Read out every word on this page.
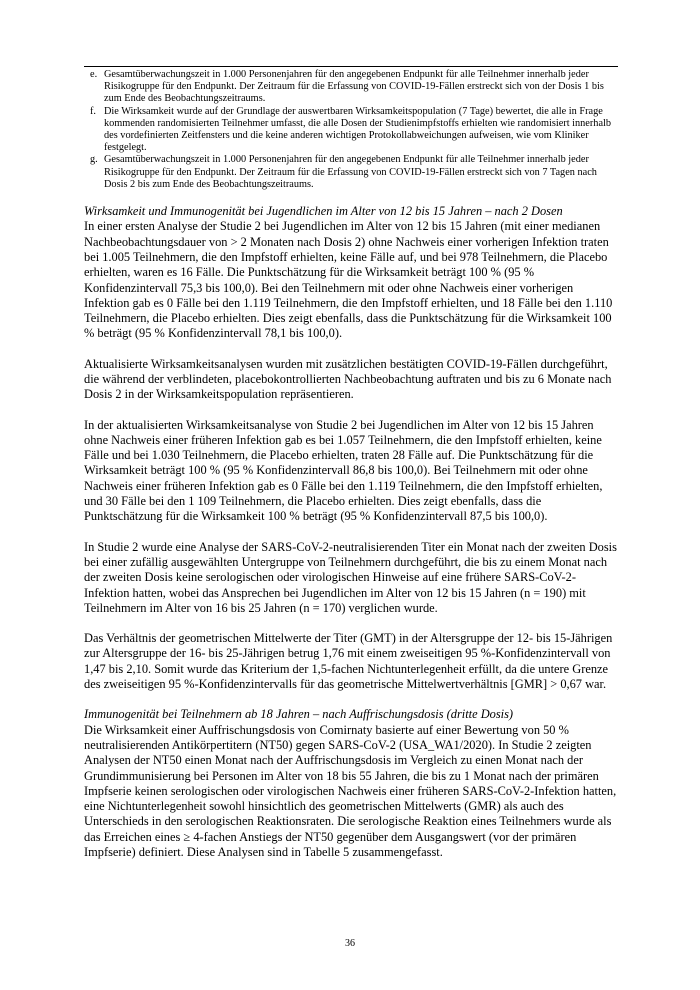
e. Gesamtüberwachungszeit in 1.000 Personenjahren für den angegebenen Endpunkt für alle Teilnehmer innerhalb jeder Risikogruppe für den Endpunkt. Der Zeitraum für die Erfassung von COVID-19-Fällen erstreckt sich von der Dosis 1 bis zum Ende des Beobachtungszeitraums.
f. Die Wirksamkeit wurde auf der Grundlage der auswertbaren Wirksamkeitspopulation (7 Tage) bewertet, die alle in Frage kommenden randomisierten Teilnehmer umfasst, die alle Dosen der Studienimpfstoffs erhielten wie randomisiert innerhalb des vordefinierten Zeitfensters und die keine anderen wichtigen Protokollabweichungen aufweisen, wie vom Kliniker festgelegt.
g. Gesamtüberwachungszeit in 1.000 Personenjahren für den angegebenen Endpunkt für alle Teilnehmer innerhalb jeder Risikogruppe für den Endpunkt. Der Zeitraum für die Erfassung von COVID-19-Fällen erstreckt sich von 7 Tagen nach Dosis 2 bis zum Ende des Beobachtungszeitraums.

Wirksamkeit und Immunogenität bei Jugendlichen im Alter von 12 bis 15 Jahren – nach 2 Dosen

In einer ersten Analyse der Studie 2 bei Jugendlichen im Alter von 12 bis 15 Jahren (mit einer medianen Nachbeobachtungsdauer von > 2 Monaten nach Dosis 2) ohne Nachweis einer vorherigen Infektion traten bei 1.005 Teilnehmern, die den Impfstoff erhielten, keine Fälle auf, und bei 978 Teilnehmern, die Placebo erhielten, waren es 16 Fälle. Die Punktschätzung für die Wirksamkeit beträgt 100 % (95 % Konfidenzintervall 75,3 bis 100,0). Bei den Teilnehmern mit oder ohne Nachweis einer vorherigen Infektion gab es 0 Fälle bei den 1.119 Teilnehmern, die den Impfstoff erhielten, und 18 Fälle bei den 1.110 Teilnehmern, die Placebo erhielten. Dies zeigt ebenfalls, dass die Punktschätzung für die Wirksamkeit 100 % beträgt (95 % Konfidenzintervall 78,1 bis 100,0).

Aktualisierte Wirksamkeitsanalysen wurden mit zusätzlichen bestätigten COVID-19-Fällen durchgeführt, die während der verblindeten, placebokontrollierten Nachbeobachtung auftraten und bis zu 6 Monate nach Dosis 2 in der Wirksamkeitspopulation repräsentieren.

In der aktualisierten Wirksamkeitsanalyse von Studie 2 bei Jugendlichen im Alter von 12 bis 15 Jahren ohne Nachweis einer früheren Infektion gab es bei 1.057 Teilnehmern, die den Impfstoff erhielten, keine Fälle und bei 1.030 Teilnehmern, die Placebo erhielten, traten 28 Fälle auf. Die Punktschätzung für die Wirksamkeit beträgt 100 % (95 % Konfidenzintervall 86,8 bis 100,0). Bei Teilnehmern mit oder ohne Nachweis einer früheren Infektion gab es 0 Fälle bei den 1.119 Teilnehmern, die den Impfstoff erhielten, und 30 Fälle bei den 1 109 Teilnehmern, die Placebo erhielten. Dies zeigt ebenfalls, dass die Punktschätzung für die Wirksamkeit 100 % beträgt (95 % Konfidenzintervall 87,5 bis 100,0).

In Studie 2 wurde eine Analyse der SARS-CoV-2-neutralisierenden Titer ein Monat nach der zweiten Dosis bei einer zufällig ausgewählten Untergruppe von Teilnehmern durchgeführt, die bis zu einem Monat nach der zweiten Dosis keine serologischen oder virologischen Hinweise auf eine frühere SARS-CoV-2-Infektion hatten, wobei das Ansprechen bei Jugendlichen im Alter von 12 bis 15 Jahren (n = 190) mit Teilnehmern im Alter von 16 bis 25 Jahren (n = 170) verglichen wurde.

Das Verhältnis der geometrischen Mittelwerte der Titer (GMT) in der Altersgruppe der 12- bis 15-Jährigen zur Altersgruppe der 16- bis 25-Jährigen betrug 1,76 mit einem zweiseitigen 95 %-Konfidenzintervall von 1,47 bis 2,10. Somit wurde das Kriterium der 1,5-fachen Nichtunterlegenheit erfüllt, da die untere Grenze des zweiseitigen 95 %-Konfidenzintervalls für das geometrische Mittelwertverhältnis [GMR] > 0,67 war.

Immunogenität bei Teilnehmern ab 18 Jahren – nach Auffrischungsdosis (dritte Dosis)

Die Wirksamkeit einer Auffrischungsdosis von Comirnaty basierte auf einer Bewertung von 50 % neutralisierenden Antikörpertitern (NT50) gegen SARS-CoV-2 (USA_WA1/2020). In Studie 2 zeigten Analysen der NT50 einen Monat nach der Auffrischungsdosis im Vergleich zu einen Monat nach der Grundimmunisierung bei Personen im Alter von 18 bis 55 Jahren, die bis zu 1 Monat nach der primären Impfserie keinen serologischen oder virologischen Nachweis einer früheren SARS-CoV-2-Infektion hatten, eine Nichtunterlegenheit sowohl hinsichtlich des geometrischen Mittelwerts (GMR) als auch des Unterschieds in den serologischen Reaktionsraten. Die serologische Reaktion eines Teilnehmers wurde als das Erreichen eines ≥ 4-fachen Anstiegs der NT50 gegenüber dem Ausgangswert (vor der primären Impfserie) definiert. Diese Analysen sind in Tabelle 5 zusammengefasst.

36
